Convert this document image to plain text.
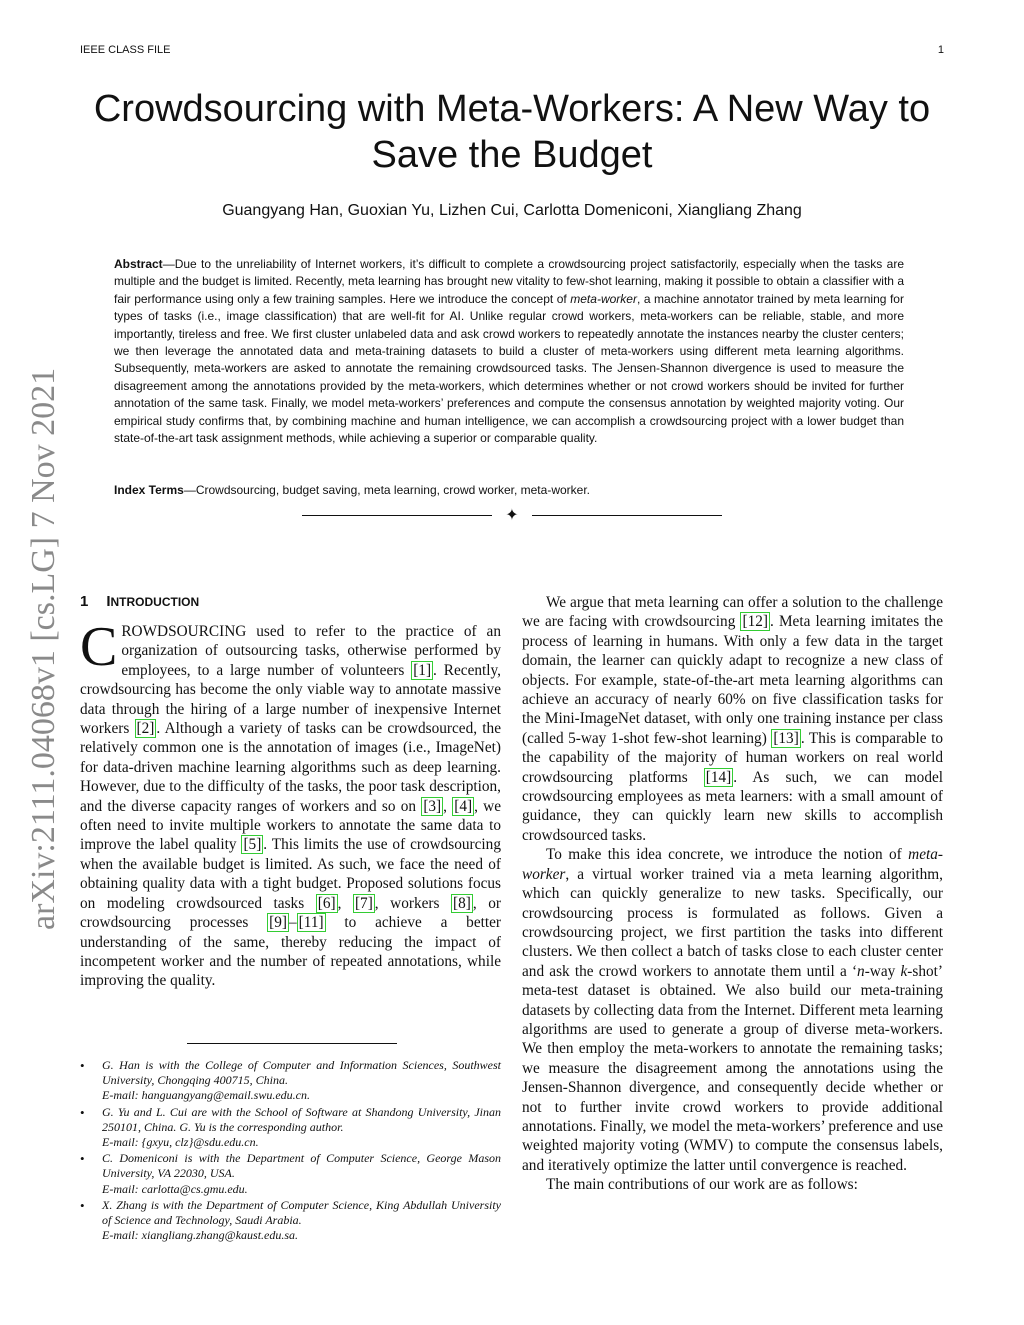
IEEE CLASS FILE	1
arXiv:2111.04068v1 [cs.LG] 7 Nov 2021
Crowdsourcing with Meta-Workers: A New Way to Save the Budget
Guangyang Han, Guoxian Yu, Lizhen Cui, Carlotta Domeniconi, Xiangliang Zhang

Abstract—Due to the unreliability of Internet workers, it’s difficult to complete a crowdsourcing project satisfactorily, especially when the tasks are multiple and the budget is limited. Recently, meta learning has brought new vitality to few-shot learning, making it possible to obtain a classifier with a fair performance using only a few training samples. Here we introduce the concept of meta-worker, a machine annotator trained by meta learning for types of tasks (i.e., image classification) that are well-fit for AI. Unlike regular crowd workers, meta-workers can be reliable, stable, and more importantly, tireless and free. We first cluster unlabeled data and ask crowd workers to repeatedly annotate the instances nearby the cluster centers; we then leverage the annotated data and meta-training datasets to build a cluster of meta-workers using different meta learning algorithms. Subsequently, meta-workers are asked to annotate the remaining crowdsourced tasks. The Jensen-Shannon divergence is used to measure the disagreement among the annotations provided by the meta-workers, which determines whether or not crowd workers should be invited for further annotation of the same task. Finally, we model meta-workers’ preferences and compute the consensus annotation by weighted majority voting. Our empirical study confirms that, by combining machine and human intelligence, we can accomplish a crowdsourcing project with a lower budget than state-of-the-art task assignment methods, while achieving a superior or comparable quality.

Index Terms—Crowdsourcing, budget saving, meta learning, crowd worker, meta-worker.

✦
1 INTRODUCTION

CROWDSOURCING used to refer to the practice of an organization of outsourcing tasks, otherwise performed by employees, to a large number of volunteers [1] . Recently, crowdsourcing has become the only viable way to annotate massive data through the hiring of a large number of inexpensive Internet workers [2] . Although a variety of tasks can be crowdsourced, the relatively common one is the annotation of images (i.e., ImageNet) for data-driven machine learning algorithms such as deep learning. However, due to the difficulty of the tasks, the poor task description, and the diverse capacity ranges of workers and so on [3] , [4] , we often need to invite multiple workers to annotate the same data to improve the label quality [5] . This limits the use of crowdsourcing when the available budget is limited. As such, we face the need of obtaining quality data with a tight budget. Proposed solutions focus on modeling crowdsourced tasks [6] , [7] , workers [8] , or crowdsourcing processes [9] – [11] to achieve a better understanding of the same, thereby reducing the impact of incompetent worker and the number of repeated annotations, while improving the quality.

• G. Han is with the College of Computer and Information Sciences, Southwest University, Chongqing 400715, China.
E-mail: hanguangyang@email.swu.edu.cn.
• G. Yu and L. Cui are with the School of Software at Shandong University, Jinan 250101, China. G. Yu is the corresponding author.
E-mail: {gxyu, clz}@sdu.edu.cn.
• C. Domeniconi is with the Department of Computer Science, George Mason University, VA 22030, USA.
E-mail: carlotta@cs.gmu.edu.
• X. Zhang is with the Department of Computer Science, King Abdullah University of Science and Technology, Saudi Arabia.
E-mail: xiangliang.zhang@kaust.edu.sa.

We argue that meta learning can offer a solution to the challenge we are facing with crowdsourcing [12] . Meta learning imitates the process of learning in humans. With only a few data in the target domain, the learner can quickly adapt to recognize a new class of objects. For example, state-of-the-art meta learning algorithms can achieve an accuracy of nearly 60% on five classification tasks for the Mini-ImageNet dataset, with only one training instance per class (called 5-way 1-shot few-shot learning) [13] . This is comparable to the capability of the majority of human workers on real world crowdsourcing platforms [14] . As such, we can model crowdsourcing employees as meta learners: with a small amount of guidance, they can quickly learn new skills to accomplish crowdsourced tasks.

To make this idea concrete, we introduce the notion of meta-worker, a virtual worker trained via a meta learning algorithm, which can quickly generalize to new tasks. Specifically, our crowdsourcing process is formulated as follows. Given a crowdsourcing project, we first partition the tasks into different clusters. We then collect a batch of tasks close to each cluster center and ask the crowd workers to annotate them until a ‘n-way k-shot’ meta-test dataset is obtained. We also build our meta-training datasets by collecting data from the Internet. Different meta learning algorithms are used to generate a group of diverse meta-workers. We then employ the meta-workers to annotate the remaining tasks; we measure the disagreement among the annotations using the Jensen-Shannon divergence, and consequently decide whether or not to further invite crowd workers to provide additional annotations. Finally, we model the meta-workers’ preference and use weighted majority voting (WMV) to compute the consensus labels, and iteratively optimize the latter until convergence is reached.

The main contributions of our work are as follows:
